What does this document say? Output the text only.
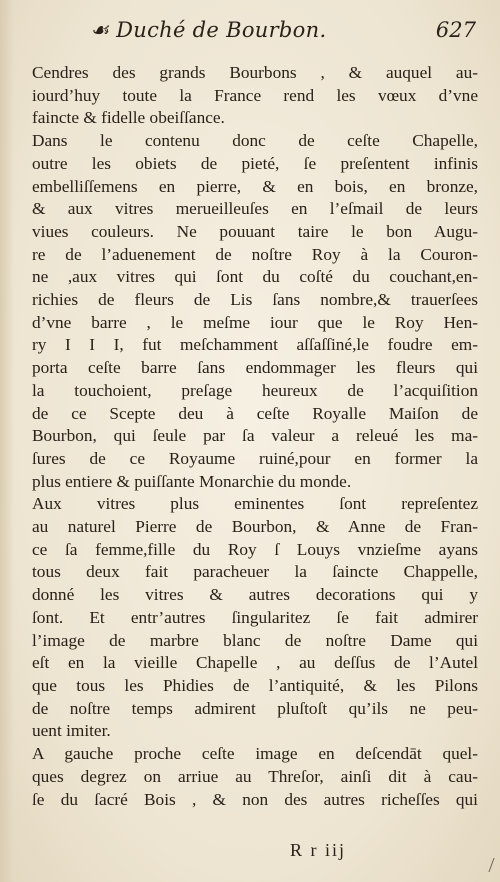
☙ Duché de Bourbon.	627
Cendres des grands Bourbons , & auquel au-
iourd’huy toute la France rend les vœux d’vne
faincte & fidelle obeiſſance.
Dans le contenu donc de ceſte Chapelle,
outre les obiets de pieté, ſe preſentent infinis
embelliſſemens en pierre, & en bois, en bronze,
& aux vitres merueilleuſes en l’eſmail de leurs
viues couleurs. Ne pouuant taire le bon Augu-
re de l’aduenement de noſtre Roy à la Couron-
ne ,aux vitres qui ſont du coſté du couchant,en-
richies de fleurs de Lis ſans nombre,& trauerſees
d’vne barre , le meſme iour que le Roy Hen-
ry I I I, fut meſchamment aſſaſſiné,le foudre em-
porta ceſte barre ſans endommager les fleurs qui
la touchoient, preſage heureux de l’acquiſition
de ce Scepte deu à ceſte Royalle Maiſon de
Bourbon, qui ſeule par ſa valeur a releué les ma-
ſures de ce Royaume ruiné,pour en former la
plus entiere & puiſſante Monarchie du monde.
Aux vitres plus eminentes ſont repreſentez
au naturel Pierre de Bourbon, & Anne de Fran-
ce ſa femme,fille du Roy ſ Louys vnzieſme ayans
tous deux fait paracheuer la ſaincte Chappelle,
donné les vitres & autres decorations qui y
ſont. Et entr’autres ſingularitez ſe fait admirer
l’image de marbre blanc de noſtre Dame qui
eſt en la vieille Chapelle , au deſſus de l’Autel
que tous les Phidies de l’antiquité, & les Pilons
de noſtre temps admirent pluſtoſt qu’ils ne peu-
uent imiter.
A gauche proche ceſte image en deſcendāt quel-
ques degrez on arriue au Threſor, ainſi dit à cau-
ſe du ſacré Bois , & non des autres richeſſes qui
R r iij
